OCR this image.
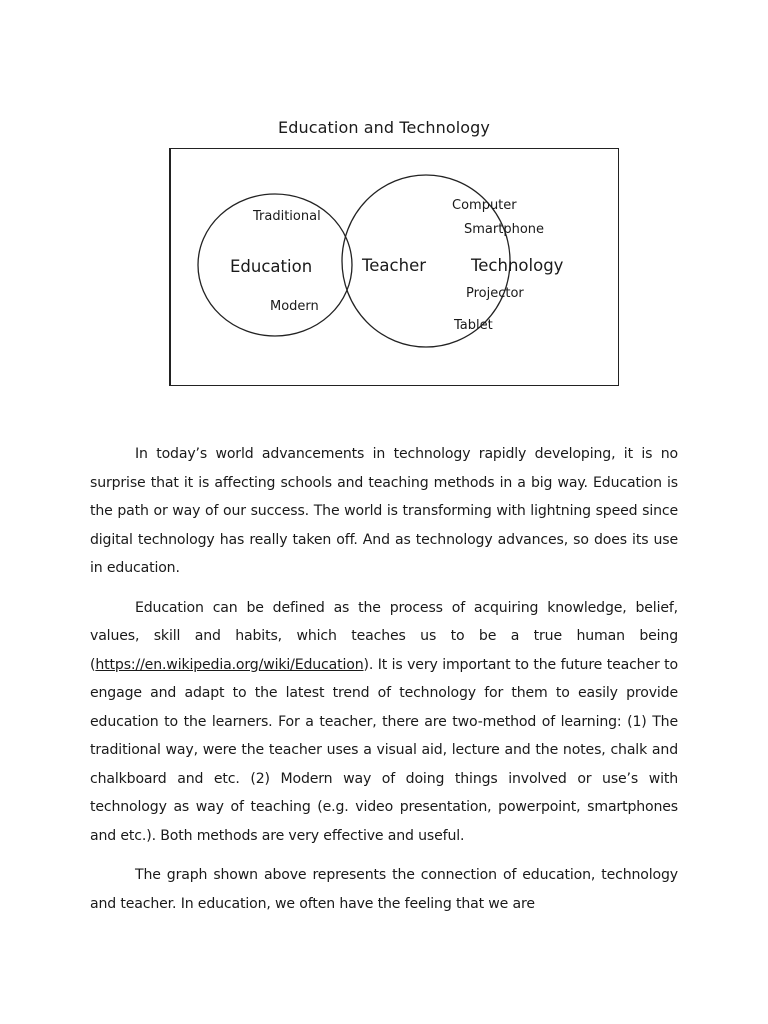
Education and Technology
Traditional
Education
Modern
Teacher
Computer
Smartphone
Technology
Projector
Tablet

In today’s world advancements in technology rapidly developing, it is no surprise that it is affecting schools and teaching methods in a big way. Education is the path or way of our success. The world is transforming with lightning speed since digital technology has really taken off. And as technology advances, so does its use in education.

Education can be defined as the process of acquiring knowledge, belief, values, skill and habits, which teaches us to be a true human being (https://en.wikipedia.org/wiki/Education). It is very important to the future teacher to engage and adapt to the latest trend of technology for them to easily provide education to the learners. For a teacher, there are two-method of learning: (1) The traditional way, were the teacher uses a visual aid, lecture and the notes, chalk and chalkboard and etc. (2) Modern way of doing things involved or use’s with technology as way of teaching (e.g. video presentation, powerpoint, smartphones and etc.). Both methods are very effective and useful.

The graph shown above represents the connection of education, technology and teacher. In education, we often have the feeling that we are
